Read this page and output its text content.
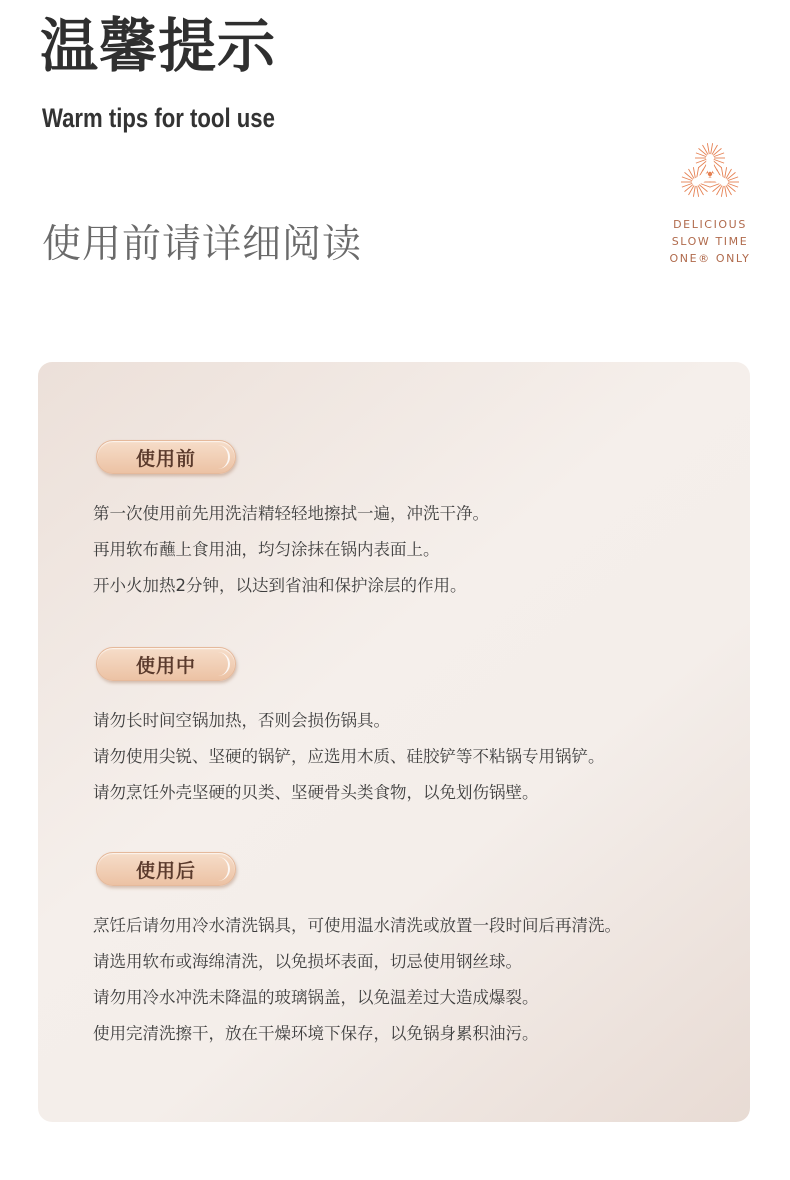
温馨提示
Warm tips for tool use
使用前请详细阅读	DELICIOUS
SLOW TIME
ONE® ONLY
使用前
第一次使用前先用洗洁精轻轻地擦拭一遍，冲洗干净。
再用软布蘸上食用油，均匀涂抹在锅内表面上。
开小火加热2分钟，以达到省油和保护涂层的作用。
使用中
请勿长时间空锅加热，否则会损伤锅具。
请勿使用尖锐、坚硬的锅铲，应选用木质、硅胶铲等不粘锅专用锅铲。
请勿烹饪外壳坚硬的贝类、坚硬骨头类食物，以免划伤锅壁。
使用后
烹饪后请勿用冷水清洗锅具，可使用温水清洗或放置一段时间后再清洗。
请选用软布或海绵清洗，以免损坏表面，切忌使用钢丝球。
请勿用冷水冲洗未降温的玻璃锅盖，以免温差过大造成爆裂。
使用完清洗擦干，放在干燥环境下保存，以免锅身累积油污。
